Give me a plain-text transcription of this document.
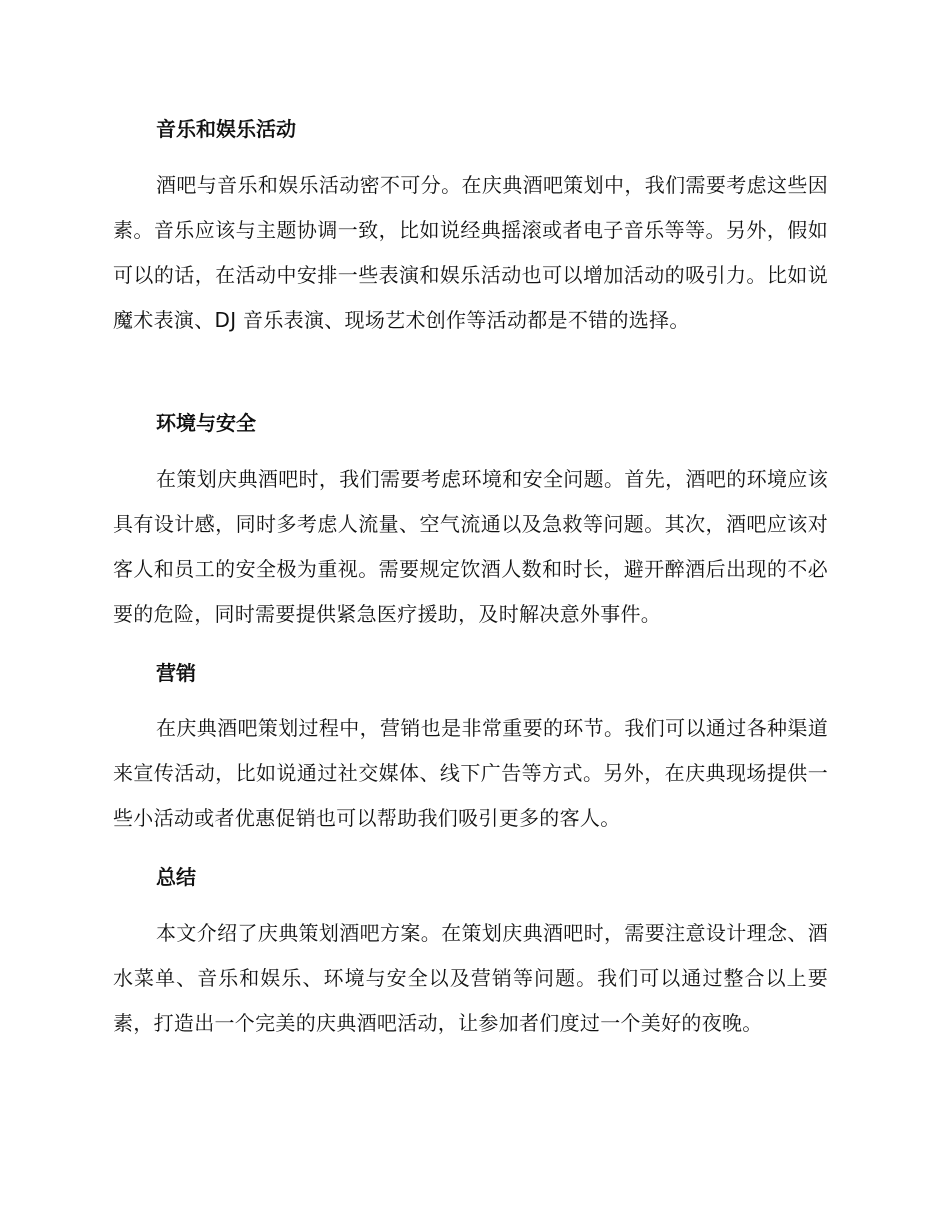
音乐和娱乐活动

酒吧与音乐和娱乐活动密不可分。在庆典酒吧策划中，我们需要考虑这些因素。音乐应该与主题协调一致，比如说经典摇滚或者电子音乐等等。另外，假如可以的话，在活动中安排一些表演和娱乐活动也可以增加活动的吸引力。比如说魔术表演、DJ 音乐表演、现场艺术创作等活动都是不错的选择。

环境与安全

在策划庆典酒吧时，我们需要考虑环境和安全问题。首先，酒吧的环境应该具有设计感，同时多考虑人流量、空气流通以及急救等问题。其次，酒吧应该对客人和员工的安全极为重视。需要规定饮酒人数和时长，避开醉酒后出现的不必要的危险，同时需要提供紧急医疗援助，及时解决意外事件。

营销

在庆典酒吧策划过程中，营销也是非常重要的环节。我们可以通过各种渠道来宣传活动，比如说通过社交媒体、线下广告等方式。另外，在庆典现场提供一些小活动或者优惠促销也可以帮助我们吸引更多的客人。

总结

本文介绍了庆典策划酒吧方案。在策划庆典酒吧时，需要注意设计理念、酒水菜单、音乐和娱乐、环境与安全以及营销等问题。我们可以通过整合以上要素，打造出一个完美的庆典酒吧活动，让参加者们度过一个美好的夜晚。
